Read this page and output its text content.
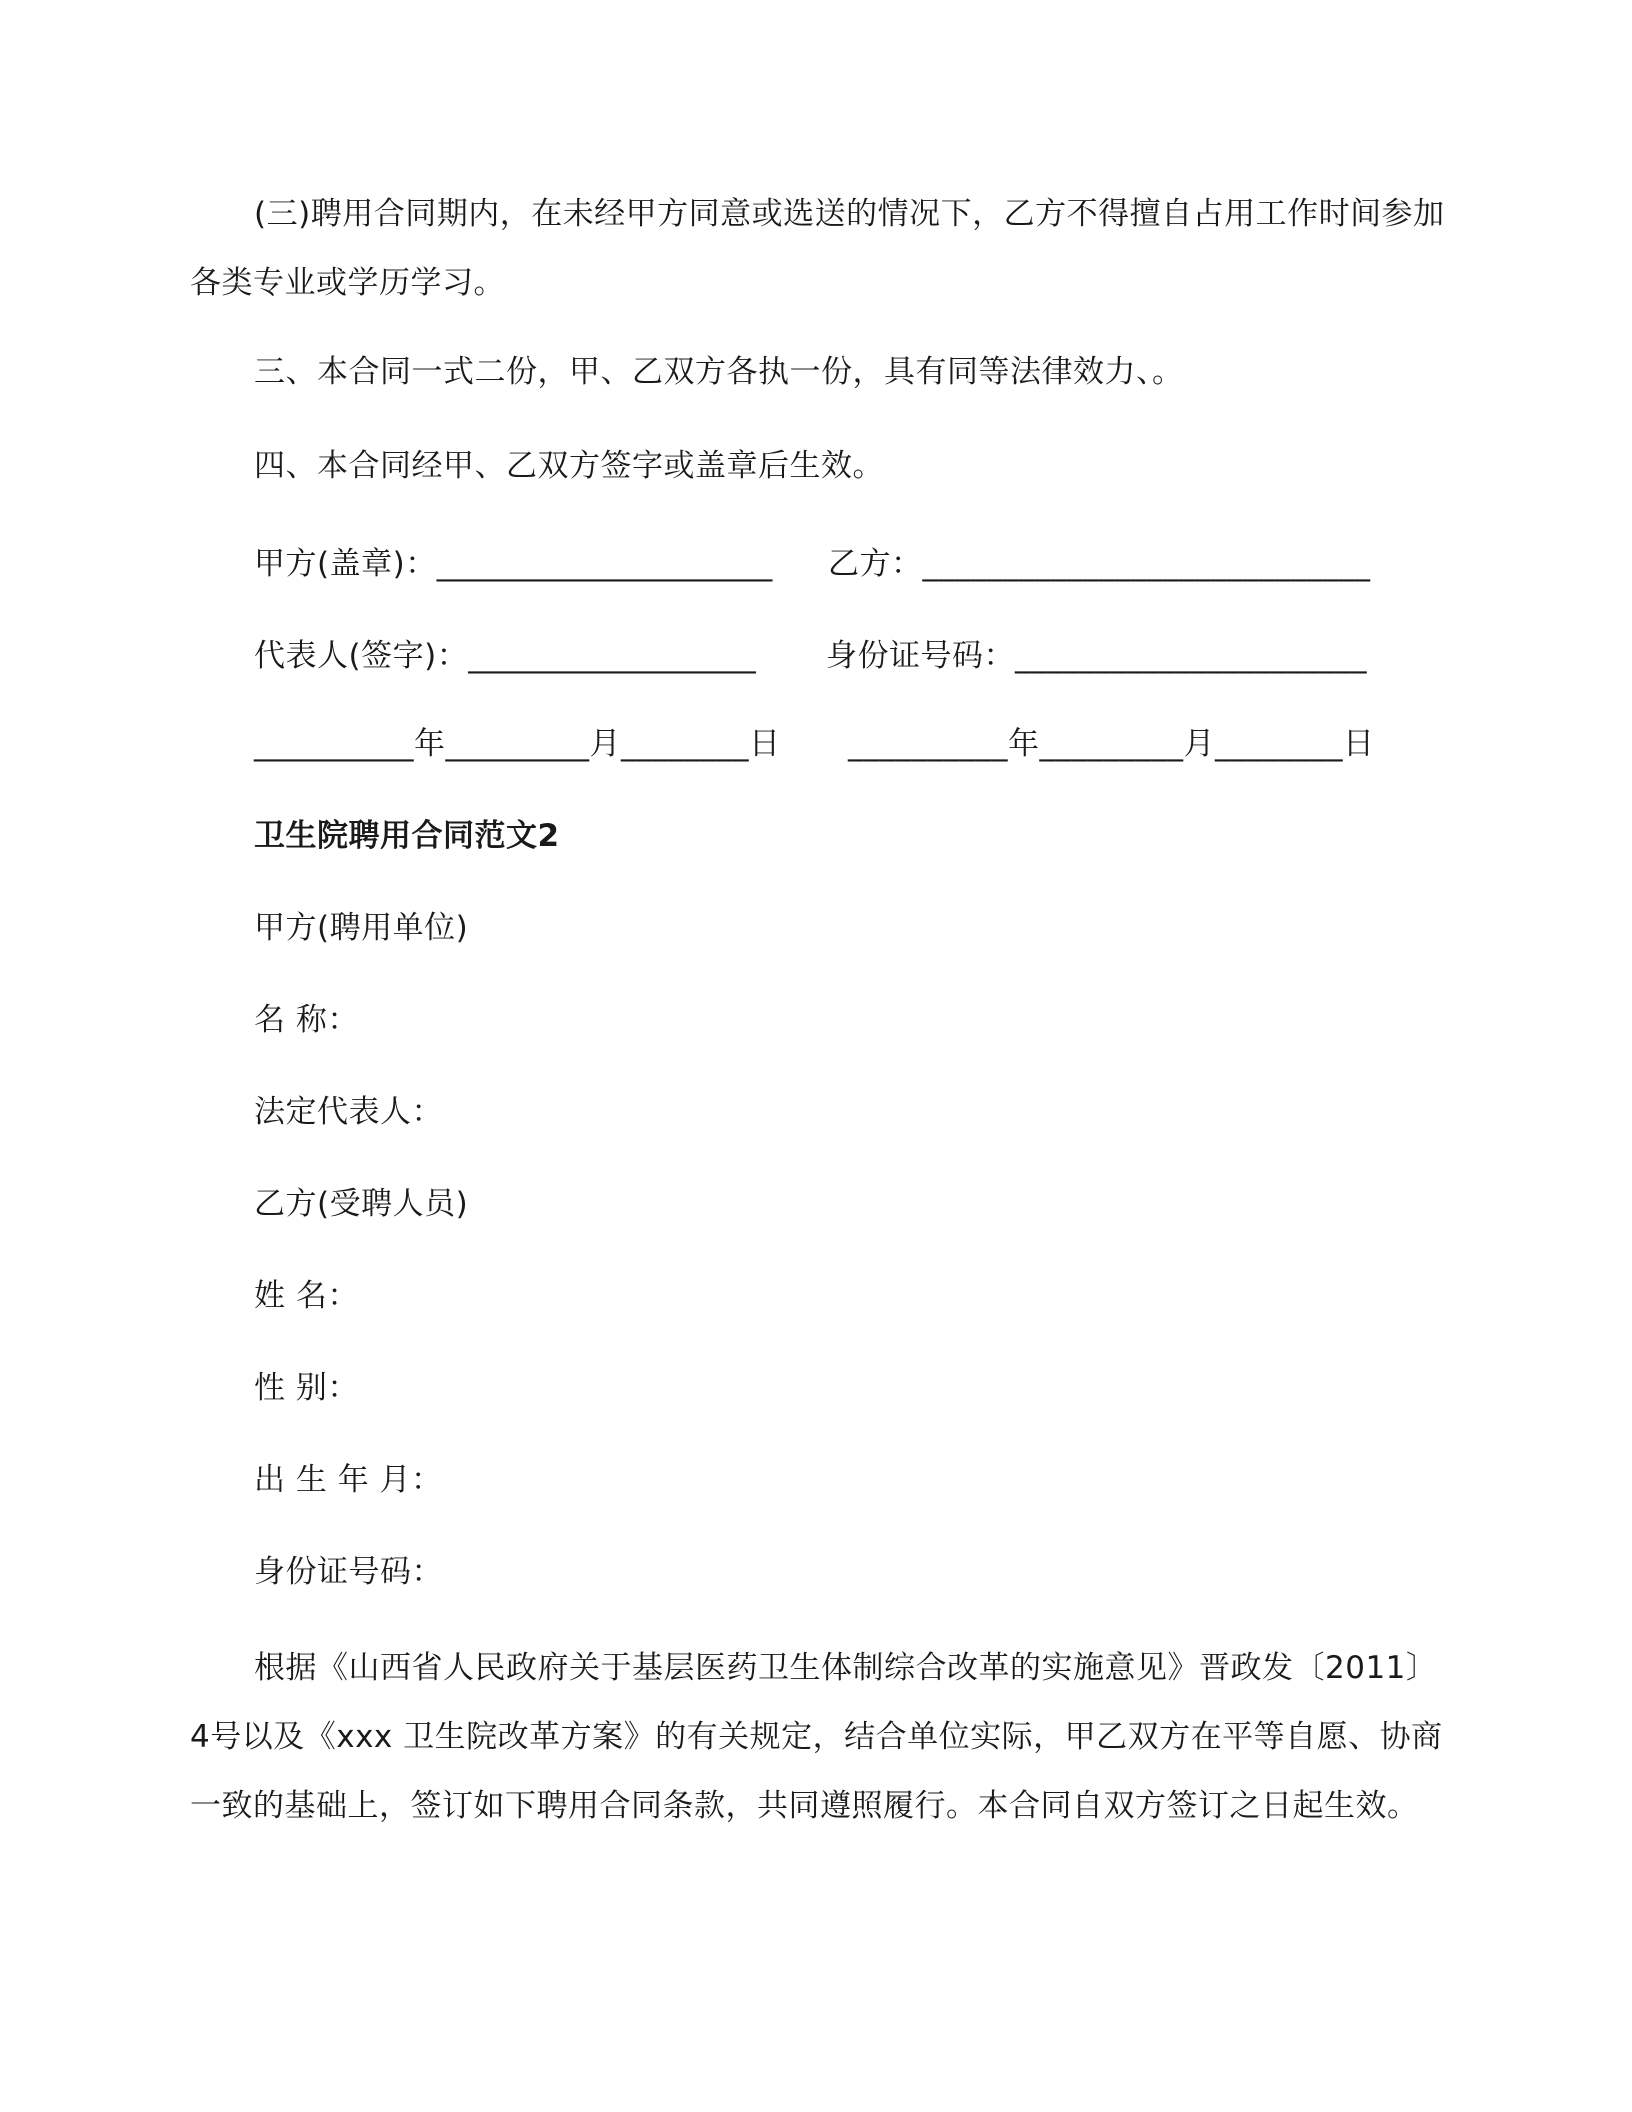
(三)聘用合同期内，在未经甲方同意或选送的情况下，乙方不得擅自占用工作时间参加各类专业或学历学习。
三、本合同一式二份，甲、乙双方各执一份，具有同等法律效力、。
四、本合同经甲、乙双方签字或盖章后生效。
甲方(盖章)：_____________________ 乙方：____________________________
代表人(签字)：__________________ 身份证号码：______________________
__________年_________月________日 __________年_________月________日
卫生院聘用合同范文2
甲方(聘用单位)
名 称：
法定代表人：
乙方(受聘人员)
姓 名：
性 别：
出 生 年 月：
身份证号码：
根据《山西省人民政府关于基层医药卫生体制综合改革的实施意见》晋政发〔2011〕4号以及《xxx 卫生院改革方案》的有关规定，结合单位实际，甲乙双方在平等自愿、协商一致的基础上，签订如下聘用合同条款，共同遵照履行。本合同自双方签订之日起生效。
